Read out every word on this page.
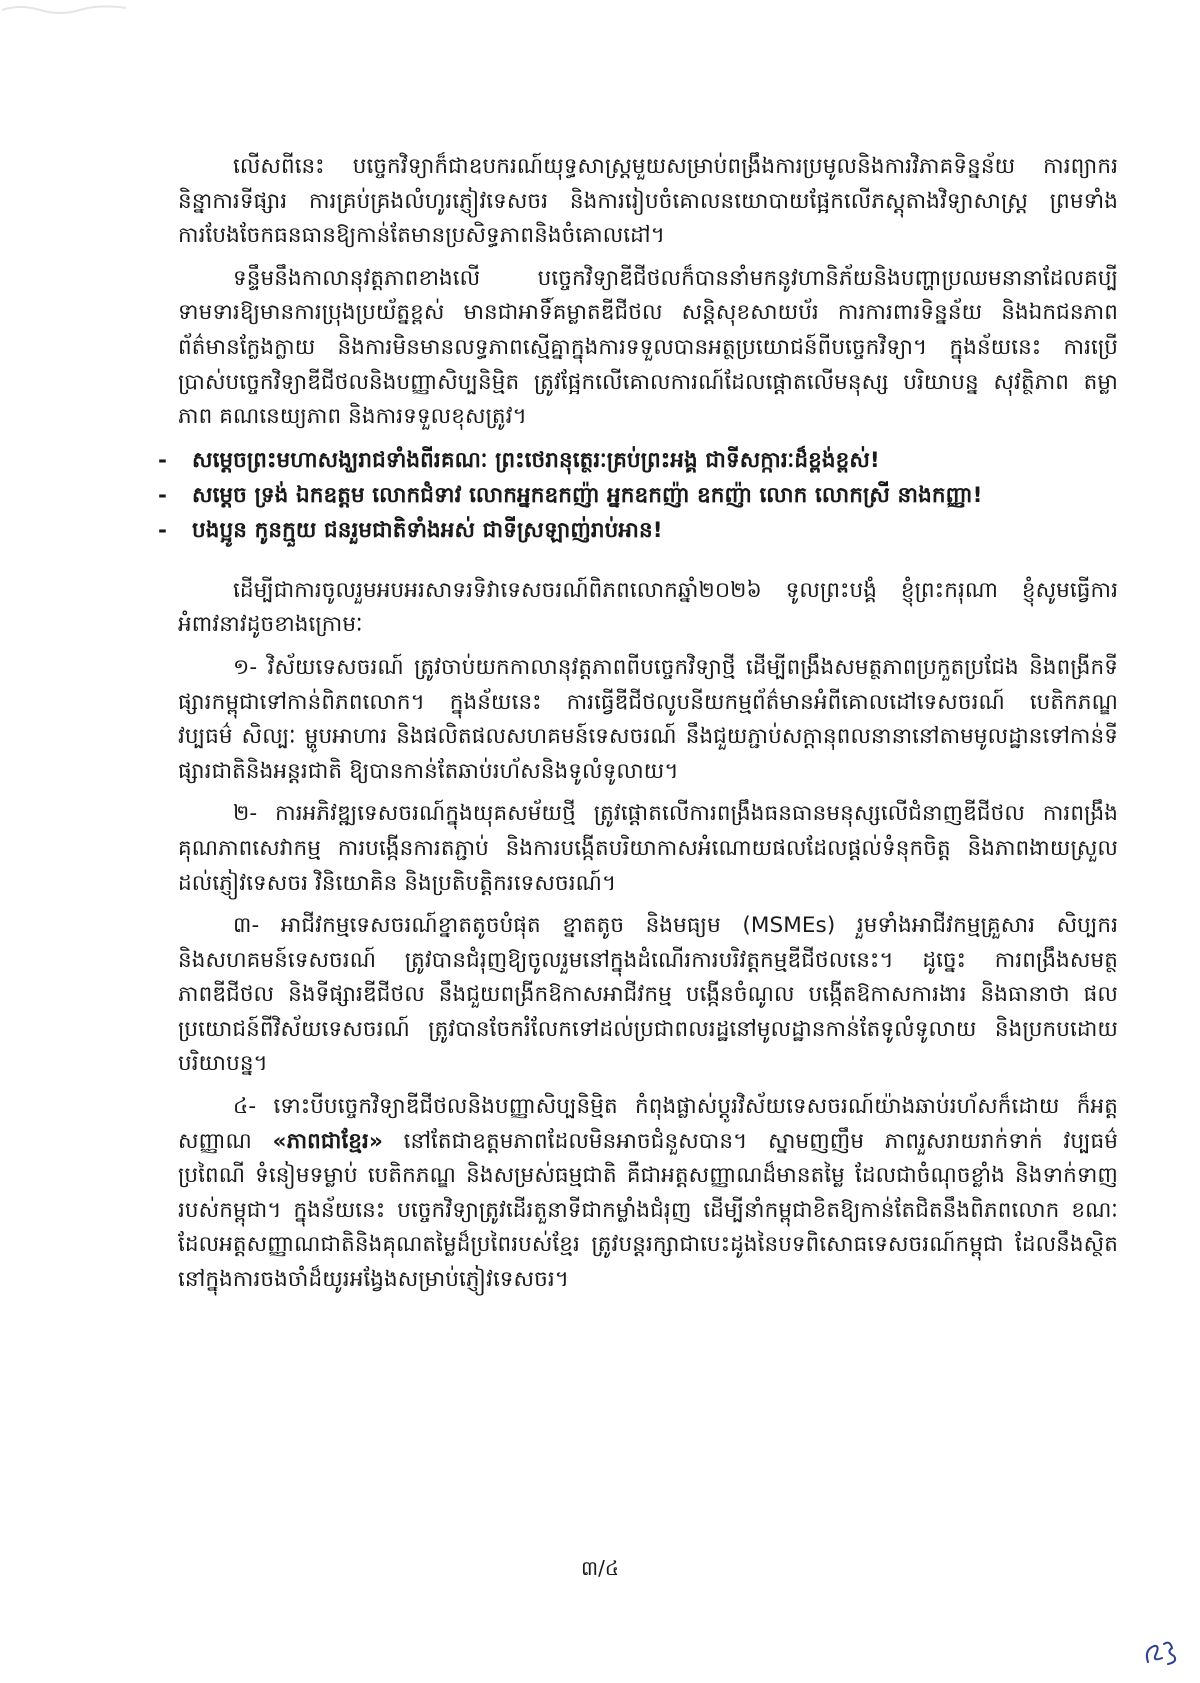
លើសពីនេះ បច្ចេកវិទ្យាក៏ជាឧបករណ៍យុទ្ធសាស្ត្រមួយសម្រាប់ពង្រឹងការប្រមូលនិងការវិភាគទិន្នន័យ ការព្យាករនិន្នាការទីផ្សារ ការគ្រប់គ្រងលំហូរភ្ញៀវទេសចរ និងការរៀបចំគោលនយោបាយផ្អែកលើភស្តុតាងវិទ្យាសាស្ត្រ ព្រមទាំងការបែងចែកធនធានឱ្យកាន់តែមានប្រសិទ្ធភាពនិងចំគោលដៅ។

ទន្ទឹមនឹងកាលានុវត្តភាពខាងលើ បច្ចេកវិទ្យាឌីជីថលក៏បាននាំមកនូវហានិភ័យនិងបញ្ហាប្រឈមនានាដែលគប្បីទាមទារឱ្យមានការប្រុងប្រយ័ត្នខ្ពស់ មានជាអាទិ៍គម្លាតឌីជីថល សន្តិសុខសាយប័រ ការការពារទិន្នន័យ និងឯកជនភាព ព័ត៌មានក្លែងក្លាយ និងការមិនមានលទ្ធភាពស្មើគ្នាក្នុងការទទួលបានអត្ថប្រយោជន៍ពីបច្ចេកវិទ្យា។ ក្នុងន័យនេះ ការប្រើប្រាស់បច្ចេកវិទ្យាឌីជីថលនិងបញ្ញាសិប្បនិម្មិត ត្រូវផ្អែកលើគោលការណ៍ដែលផ្តោតលើមនុស្ស បរិយាបន្ន សុវត្ថិភាព តម្លាភាព គណនេយ្យភាព និងការទទួលខុសត្រូវ។

- សម្តេចព្រះមហាសង្ឃរាជទាំងពីរគណៈ ព្រះថេរានុត្ថេរៈគ្រប់ព្រះអង្គ ជាទីសក្ការៈដ៏ខ្ពង់ខ្ពស់!
- សម្តេច ទ្រង់ ឯកឧត្តម លោកជំទាវ លោកអ្នកឧកញ៉ា អ្នកឧកញ៉ា ឧកញ៉ា លោក លោកស្រី នាងកញ្ញា!
- បងប្អូន កូនក្មួយ ជនរួមជាតិទាំងអស់ ជាទីស្រឡាញ់រាប់អាន!

ដើម្បីជាការចូលរួមអបអរសាទរទិវាទេសចរណ៍ពិភពលោកឆ្នាំ២០២៦ ទូលព្រះបង្គំ ខ្ញុំព្រះករុណា ខ្ញុំសូមធ្វើការអំពាវនាវដូចខាងក្រោមៈ

១- វិស័យទេសចរណ៍ ត្រូវចាប់យកកាលានុវត្តភាពពីបច្ចេកវិទ្យាថ្មី ដើម្បីពង្រឹងសមត្ថភាពប្រកួតប្រជែង និងពង្រីកទីផ្សារកម្ពុជាទៅកាន់ពិភពលោក។ ក្នុងន័យនេះ ការធ្វើឌីជីថលូបនីយកម្មព័ត៌មានអំពីគោលដៅទេសចរណ៍ បេតិកភណ្ឌវប្បធម៌ សិល្បៈ ម្ហូបអាហារ និងផលិតផលសហគមន៍ទេសចរណ៍ នឹងជួយភ្ជាប់សក្តានុពលនានានៅតាមមូលដ្ឋានទៅកាន់ទីផ្សារជាតិនិងអន្តរជាតិ ឱ្យបានកាន់តែឆាប់រហ័សនិងទូលំទូលាយ។

២- ការអភិវឌ្ឍទេសចរណ៍ក្នុងយុគសម័យថ្មី ត្រូវផ្តោតលើការពង្រឹងធនធានមនុស្សលើជំនាញឌីជីថល ការពង្រឹងគុណភាពសេវាកម្ម ការបង្កើនការតភ្ជាប់ និងការបង្កើតបរិយាកាសអំណោយផលដែលផ្តល់ទំនុកចិត្ត និងភាពងាយស្រួលដល់ភ្ញៀវទេសចរ វិនិយោគិន និងប្រតិបត្តិករទេសចរណ៍។

៣- អាជីវកម្មទេសចរណ៍ខ្នាតតូចបំផុត ខ្នាតតូច និងមធ្យម (MSMEs) រួមទាំងអាជីវកម្មគ្រួសារ សិប្បករ និងសហគមន៍ទេសចរណ៍ ត្រូវបានជំរុញឱ្យចូលរួមនៅក្នុងដំណើរការបរិវត្តកម្មឌីជីថលនេះ។ ដូច្នេះ ការពង្រឹងសមត្ថភាពឌីជីថល និងទីផ្សារឌីជីថល នឹងជួយពង្រីកឱកាសអាជីវកម្ម បង្កើនចំណូល បង្កើតឱកាសការងារ និងធានាថា ផលប្រយោជន៍ពីវិស័យទេសចរណ៍ ត្រូវបានចែករំលែកទៅដល់ប្រជាពលរដ្ឋនៅមូលដ្ឋានកាន់តែទូលំទូលាយ និងប្រកបដោយបរិយាបន្ន។

៤- ទោះបីបច្ចេកវិទ្យាឌីជីថលនិងបញ្ញាសិប្បនិម្មិត កំពុងផ្លាស់ប្តូរវិស័យទេសចរណ៍យ៉ាងឆាប់រហ័សក៏ដោយ ក៏អត្តសញ្ញាណ «ភាពជាខ្មែរ» នៅតែជាឧត្តមភាពដែលមិនអាចជំនួសបាន។ ស្នាមញញឹម ភាពរួសរាយរាក់ទាក់ វប្បធម៌ ប្រពៃណី ទំនៀមទម្លាប់ បេតិកភណ្ឌ និងសម្រស់ធម្មជាតិ គឺជាអត្តសញ្ញាណដ៏មានតម្លៃ ដែលជាចំណុចខ្លាំង និងទាក់ទាញរបស់កម្ពុជា។ ក្នុងន័យនេះ បច្ចេកវិទ្យាត្រូវដើរតួនាទីជាកម្លាំងជំរុញ ដើម្បីនាំកម្ពុជាខិតឱ្យកាន់តែជិតនឹងពិភពលោក ខណៈដែលអត្តសញ្ញាណជាតិនិងគុណតម្លៃដ៏ប្រពៃរបស់ខ្មែរ ត្រូវបន្តរក្សាជាបេះដូងនៃបទពិសោធទេសចរណ៍កម្ពុជា ដែលនឹងស្ថិតនៅក្នុងការចងចាំដ៏យូរអង្វែងសម្រាប់ភ្ញៀវទេសចរ។

៣/៤
